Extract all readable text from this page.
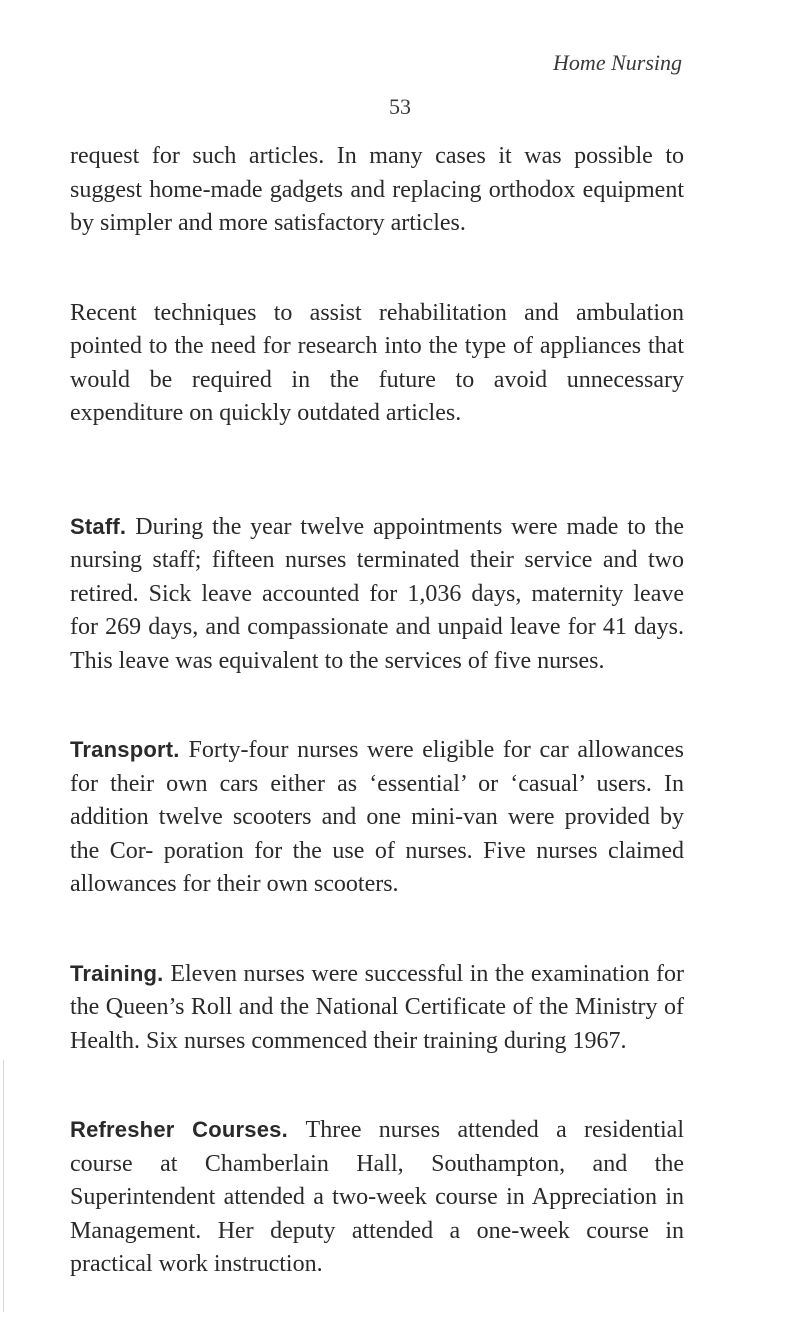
Home Nursing
53

request for such articles. In many cases it was possible to suggest home-made gadgets and replacing orthodox equipment by simpler and more satisfactory articles.

Recent techniques to assist rehabilitation and ambulation pointed to the need for research into the type of appliances that would be required in the future to avoid unnecessary expenditure on quickly outdated articles.

Staff. During the year twelve appointments were made to the nursing staff; fifteen nurses terminated their service and two retired. Sick leave accounted for 1,036 days, maternity leave for 269 days, and compassionate and unpaid leave for 41 days. This leave was equivalent to the services of five nurses.

Transport. Forty-four nurses were eligible for car allowances for their own cars either as ‘essential’ or ‘casual’ users. In addition twelve scooters and one mini-van were provided by the Cor- poration for the use of nurses. Five nurses claimed allowances for their own scooters.

Training. Eleven nurses were successful in the examination for the Queen’s Roll and the National Certificate of the Ministry of Health. Six nurses commenced their training during 1967.

Refresher Courses. Three nurses attended a residential course at Chamberlain Hall, Southampton, and the Superintendent attended a two-week course in Appreciation in Management. Her deputy attended a one-week course in practical work instruction.
